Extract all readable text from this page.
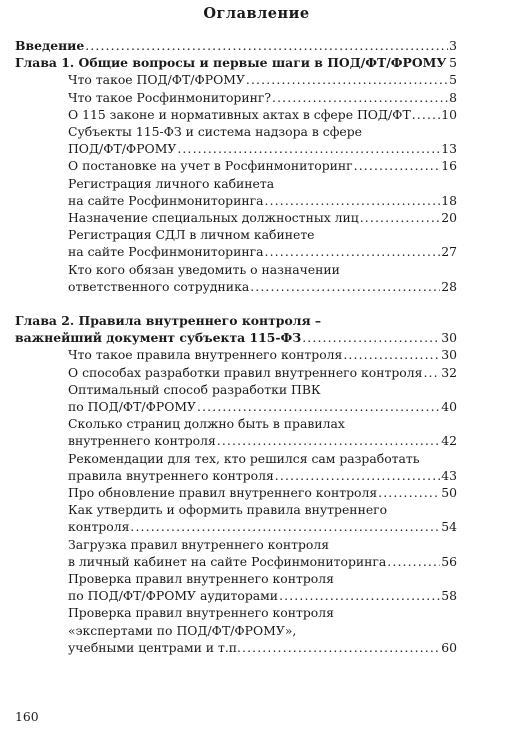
Оглавление
Введение . . .	3
Глава 1. Общие вопросы и первые шаги в ПОД/ФТ/ФРОМУ . . . 5
Что такое ПОД/ФТ/ФРОМУ . . .	5
Что такое Росфинмониторинг? . . .	8
О 115 законе и нормативных актах в сфере ПОД/ФТ . . . 10
Субъекты 115-ФЗ и система надзора в сфере
ПОД/ФТ/ФРОМУ . . .	13
О постановке на учет в Росфинмониторинг . . .	16
Регистрация личного кабинета
на сайте Росфинмониторинга . . .	18
Назначение специальных должностных лиц . . .	20
Регистрация СДЛ в личном кабинете
на сайте Росфинмониторинга . . .	27
Кто кого обязан уведомить о назначении
ответственного сотрудника . . .	28
Глава 2. Правила внутреннего контроля –
важнейший документ субъекта 115-ФЗ . . .	30
Что такое правила внутреннего контроля . . .	30
О способах разработки правил внутреннего контроля . . . 32
Оптимальный способ разработки ПВК
по ПОД/ФТ/ФРОМУ . . .	40
Сколько страниц должно быть в правилах
внутреннего контроля . . .	42
Рекомендации для тех, кто решился сам разработать
правила внутреннего контроля . . .	43
Про обновление правил внутреннего контроля . . .	50
Как утвердить и оформить правила внутреннего
контроля . . .	54
Загрузка правил внутреннего контроля
в личный кабинет на сайте Росфинмониторинга . . .	56
Проверка правил внутреннего контроля
по ПОД/ФТ/ФРОМУ аудиторами . . .	58
Проверка правил внутреннего контроля
«экспертами по ПОД/ФТ/ФРОМУ»,
учебными центрами и т.п. . . .	60
160
